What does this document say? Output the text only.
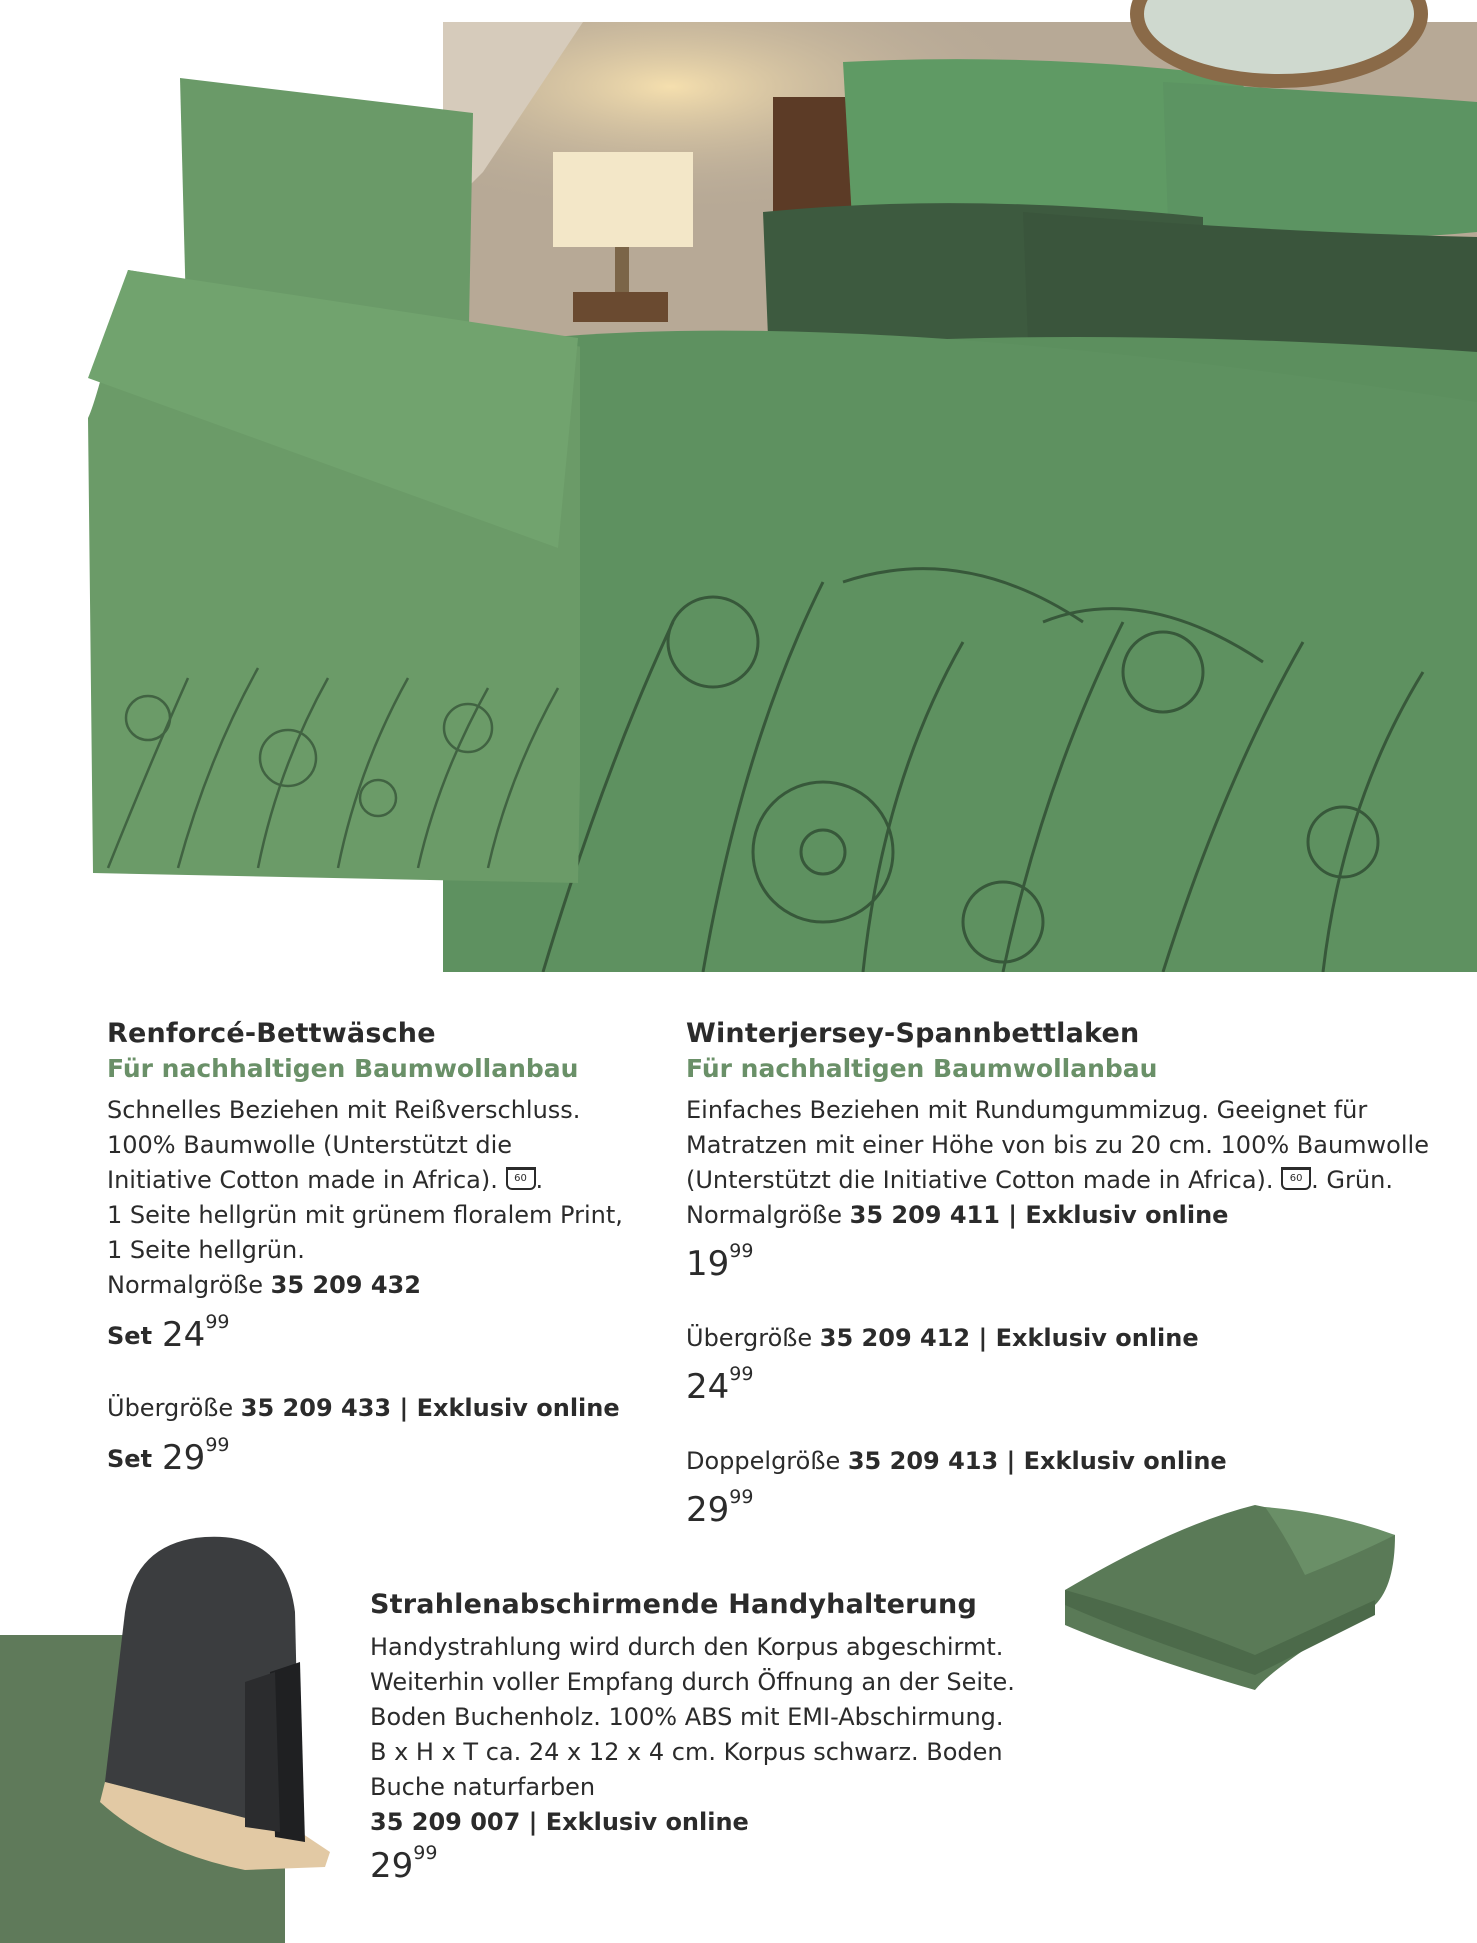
Renforcé-Bettwäsche
Für nachhaltigen Baumwollanbau
Schnelles Beziehen mit Reißverschluss.
100% Baumwolle (Unterstützt die
Initiative Cotton made in Africa). 60 .
1 Seite hellgrün mit grünem floralem Print,
1 Seite hellgrün.
Normalgröße 35 209 432
Set $24^{99}$
Übergröße 35 209 433 | Exklusiv online
Set $29^{99}$
Winterjersey-Spannbettlaken
Für nachhaltigen Baumwollanbau
Einfaches Beziehen mit Rundumgummizug. Geeignet für
Matratzen mit einer Höhe von bis zu 20 cm. 100% Baumwolle
(Unterstützt die Initiative Cotton made in Africa). 60 . Grün.
Normalgröße 35 209 411 | Exklusiv online
$19^{99}$
Übergröße 35 209 412 | Exklusiv online
$24^{99}$
Doppelgröße 35 209 413 | Exklusiv online
$29^{99}$
Strahlenabschirmende Handyhalterung
Handystrahlung wird durch den Korpus abgeschirmt.
Weiterhin voller Empfang durch Öffnung an der Seite.
Boden Buchenholz. 100% ABS mit EMI-Abschirmung.
B x H x T ca. 24 x 12 x 4 cm. Korpus schwarz. Boden
Buche naturfarben
35 209 007 | Exklusiv online
$29^{99}$
